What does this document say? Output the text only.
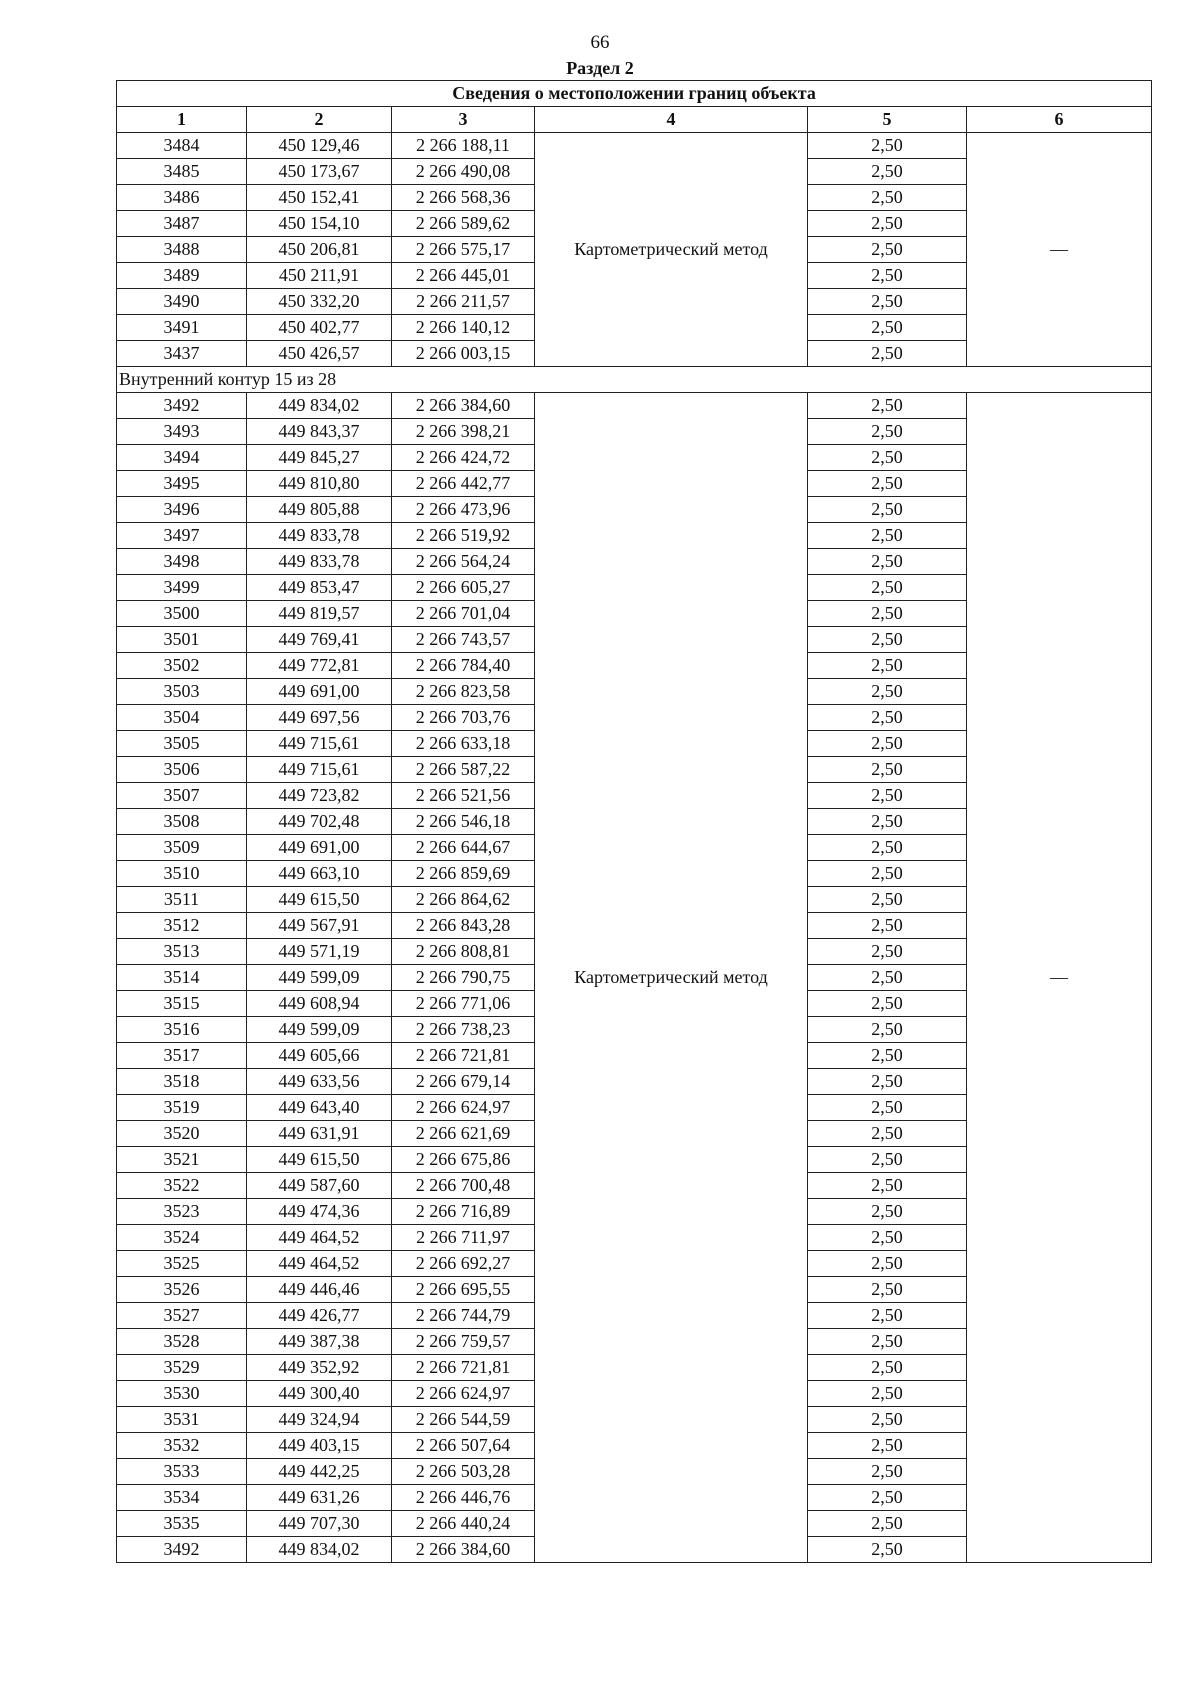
66
Раздел 2
Сведения о местоположении границ объекта					
1	2	3	4	5	6
3484	450 129,46	2 266 188,11	Картометрический метод	2,50	—
3485	450 173,67	2 266 490,08		2,50	
3486	450 152,41	2 266 568,36		2,50	
3487	450 154,10	2 266 589,62		2,50	
3488	450 206,81	2 266 575,17		2,50	
3489	450 211,91	2 266 445,01		2,50	
3490	450 332,20	2 266 211,57		2,50	
3491	450 402,77	2 266 140,12		2,50	
3437	450 426,57	2 266 003,15		2,50	
Внутренний контур 15 из 28					
3492	449 834,02	2 266 384,60	Картометрический метод	2,50	—
3493	449 843,37	2 266 398,21		2,50	
3494	449 845,27	2 266 424,72		2,50	
3495	449 810,80	2 266 442,77		2,50	
3496	449 805,88	2 266 473,96		2,50	
3497	449 833,78	2 266 519,92		2,50	
3498	449 833,78	2 266 564,24		2,50	
3499	449 853,47	2 266 605,27		2,50	
3500	449 819,57	2 266 701,04		2,50	
3501	449 769,41	2 266 743,57		2,50	
3502	449 772,81	2 266 784,40		2,50	
3503	449 691,00	2 266 823,58		2,50	
3504	449 697,56	2 266 703,76		2,50	
3505	449 715,61	2 266 633,18		2,50	
3506	449 715,61	2 266 587,22		2,50	
3507	449 723,82	2 266 521,56		2,50	
3508	449 702,48	2 266 546,18		2,50	
3509	449 691,00	2 266 644,67		2,50	
3510	449 663,10	2 266 859,69		2,50	
3511	449 615,50	2 266 864,62		2,50	
3512	449 567,91	2 266 843,28		2,50	
3513	449 571,19	2 266 808,81		2,50	
3514	449 599,09	2 266 790,75		2,50	
3515	449 608,94	2 266 771,06		2,50	
3516	449 599,09	2 266 738,23		2,50	
3517	449 605,66	2 266 721,81		2,50	
3518	449 633,56	2 266 679,14		2,50	
3519	449 643,40	2 266 624,97		2,50	
3520	449 631,91	2 266 621,69		2,50	
3521	449 615,50	2 266 675,86		2,50	
3522	449 587,60	2 266 700,48		2,50	
3523	449 474,36	2 266 716,89		2,50	
3524	449 464,52	2 266 711,97		2,50	
3525	449 464,52	2 266 692,27		2,50	
3526	449 446,46	2 266 695,55		2,50	
3527	449 426,77	2 266 744,79		2,50	
3528	449 387,38	2 266 759,57		2,50	
3529	449 352,92	2 266 721,81		2,50	
3530	449 300,40	2 266 624,97		2,50	
3531	449 324,94	2 266 544,59		2,50	
3532	449 403,15	2 266 507,64		2,50	
3533	449 442,25	2 266 503,28		2,50	
3534	449 631,26	2 266 446,76		2,50	
3535	449 707,30	2 266 440,24		2,50	
3492	449 834,02	2 266 384,60		2,50	
